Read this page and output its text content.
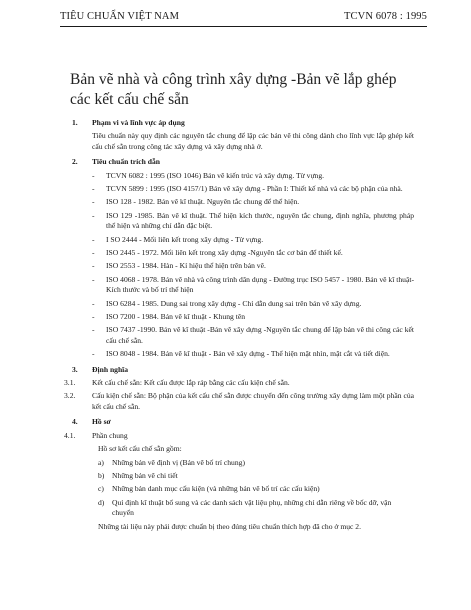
TIÊU CHUẨN VIỆT NAM	TCVN 6078 : 1995
Bản vẽ nhà và công trình xây dựng -Bản vẽ lắp ghép các kết cấu chế sẵn
1. Phạm vi và lĩnh vực áp dụng
Tiêu chuẩn này quy định các nguyên tắc chung để lập các bản vẽ thi công dành cho lĩnh vực lắp ghép kết cấu chế sẵn trong công tác xây dựng và xây dựng nhà ở.
2. Tiêu chuẩn trích dẫn
- TCVN 6082 : 1995 (ISO 1046) Bản vẽ kiến trúc và xây dựng. Từ vựng.
- TCVN 5899 : 1995 (ISO 4157/1) Bản vẽ xây dựng - Phần I: Thiết kế nhà và các bộ phận của nhà.
- ISO 128 - 1982. Bản vẽ kĩ thuật. Nguyên tắc chung để thể hiện.
- ISO 129 -1985. Bản vẽ kĩ thuật. Thể hiện kích thước, nguyên tắc chung, định nghĩa, phương pháp thể hiện và những chỉ dẫn đặc biệt.
- I SO 2444 - Mối liên kết trong xây dựng - Từ vựng.
- ISO 2445 - 1972. Mối liên kết trong xây dựng -Nguyên tắc cơ bản để thiết kế.
- ISO 2553 - 1984. Hàn - Kí hiệu thể hiện trên bản vẽ.
- ISO 4068 - 1978. Bản vẽ nhà và công trình dân dụng - Đường trục ISO 5457 - 1980. Bản vẽ kĩ thuật- Kích thước và bố trí thể hiện
- ISO 6284 - 1985. Dung sai trong xây dựng - Chỉ dẫn dung sai trên bản vẽ xây dựng.
- ISO 7200 - 1984. Bản vẽ kĩ thuật - Khung tên
- ISO 7437 -1990. Bản vẽ kĩ thuật -Bản vẽ xây dựng -Nguyên tắc chung để lập bản vẽ thi công các kết cấu chế sẵn.
- ISO 8048 - 1984. Bản vẽ kĩ thuật - Bản vẽ xây dựng - Thể hiện mặt nhìn, mặt cắt và tiết diện.
3. Định nghĩa
3.1. Kết cấu chế sẵn: Kết cấu được lắp ráp bằng các cấu kiện chế sẵn.
3.2. Cấu kiện chế sẵn: Bộ phận của kết cấu chế sẵn được chuyển đến công trường xây dựng làm một phần của kết cấu chế sẵn.
4. Hồ sơ
4.1. Phần chung
Hồ sơ kết cấu chế sẵn gồm:
a) Những bản vẽ định vị (Bản vẽ bố trí chung)
b) Những bản vẽ chi tiết
c) Những bản danh mục cấu kiện (và những bản vẽ bố trí các cấu kiện)
d) Quỉ định kĩ thuật bổ sung và các danh sách vật liệu phụ, những chỉ dẫn riêng về bốc dỡ, vận chuyển
Những tài liệu này phải được chuẩn bị theo đúng tiêu chuẩn thích hợp đã cho ở mục 2.
